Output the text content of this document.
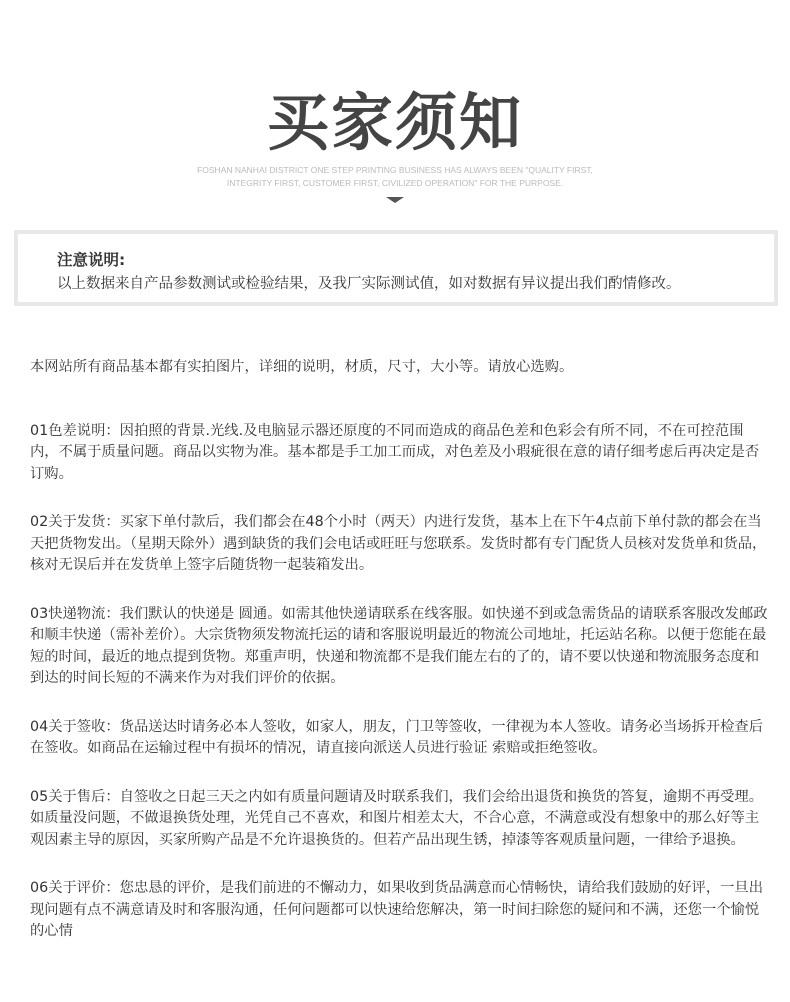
买家须知
FOSHAN NANHAI DISTRICT ONE STEP PRINTING BUSINESS HAS ALWAYS BEEN "QUALITY FIRST,
INTEGRITY FIRST, CUSTOMER FIRST, CIVILIZED OPERATION" FOR THE PURPOSE.
注意说明:
以上数据来自产品参数测试或检验结果，及我厂实际测试值，如对数据有异议提出我们酌情修改。

本网站所有商品基本都有实拍图片，详细的说明，材质，尺寸，大小等。请放心选购。

01色差说明：因拍照的背景.光线.及电脑显示器还原度的不同而造成的商品色差和色彩会有所不同，不在可控范围内，不属于质量问题。商品以实物为准。基本都是手工加工而成，对色差及小瑕疵很在意的请仔细考虑后再决定是否订购。

02关于发货：买家下单付款后，我们都会在48个小时（两天）内进行发货，基本上在下午4点前下单付款的都会在当天把货物发出。（星期天除外）遇到缺货的我们会电话或旺旺与您联系。发货时都有专门配货人员核对发货单和货品，核对无误后并在发货单上签字后随货物一起装箱发出。

03快递物流：我们默认的快递是 圆通。如需其他快递请联系在线客服。如快递不到或急需货品的请联系客服改发邮政和顺丰快递（需补差价）。大宗货物须发物流托运的请和客服说明最近的物流公司地址，托运站名称。以便于您能在最短的时间，最近的地点提到货物。郑重声明，快递和物流都不是我们能左右的了的，请不要以快递和物流服务态度和到达的时间长短的不满来作为对我们评价的依据。

04关于签收：货品送达时请务必本人签收，如家人，朋友，门卫等签收，一律视为本人签收。请务必当场拆开检查后在签收。如商品在运输过程中有损坏的情况，请直接向派送人员进行验证 索赔或拒绝签收。

05关于售后：自签收之日起三天之内如有质量问题请及时联系我们，我们会给出退货和换货的答复，逾期不再受理。如质量没问题，不做退换货处理，光凭自己不喜欢，和图片相差太大，不合心意，不满意或没有想象中的那么好等主观因素主导的原因，买家所购产品是不允许退换货的。但若产品出现生锈，掉漆等客观质量问题，一律给予退换。

06关于评价：您忠恳的评价，是我们前进的不懈动力，如果收到货品满意而心情畅快，请给我们鼓励的好评，一旦出现问题有点不满意请及时和客服沟通，任何问题都可以快速给您解决，第一时间扫除您的疑问和不满，还您一个愉悦的心情
